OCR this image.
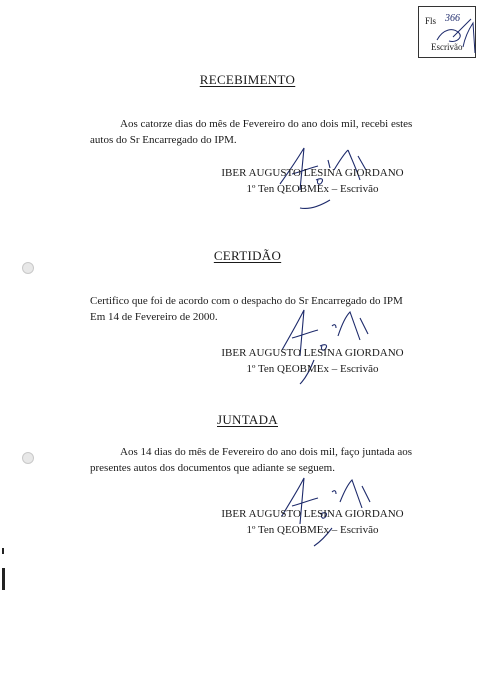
Fls 366
Escrivão
RECEBIMENTO
Aos catorze dias do mês de Fevereiro do ano dois mil, recebi estes
autos do Sr Encarregado do IPM.
IBER AUGUSTO LESINA GIORDANO
1º Ten QEOBMEx – Escrivão
CERTIDÃO
Certifico que foi de acordo com o despacho do Sr Encarregado do IPM
Em 14 de Fevereiro de 2000.
IBER AUGUSTO LESINA GIORDANO
1º Ten QEOBMEx – Escrivão
JUNTADA
Aos 14 dias do mês de Fevereiro do ano dois mil, faço juntada aos
presentes autos dos documentos que adiante se seguem.
IBER AUGUSTO LESINA GIORDANO
1º Ten QEOBMEx – Escrivão
